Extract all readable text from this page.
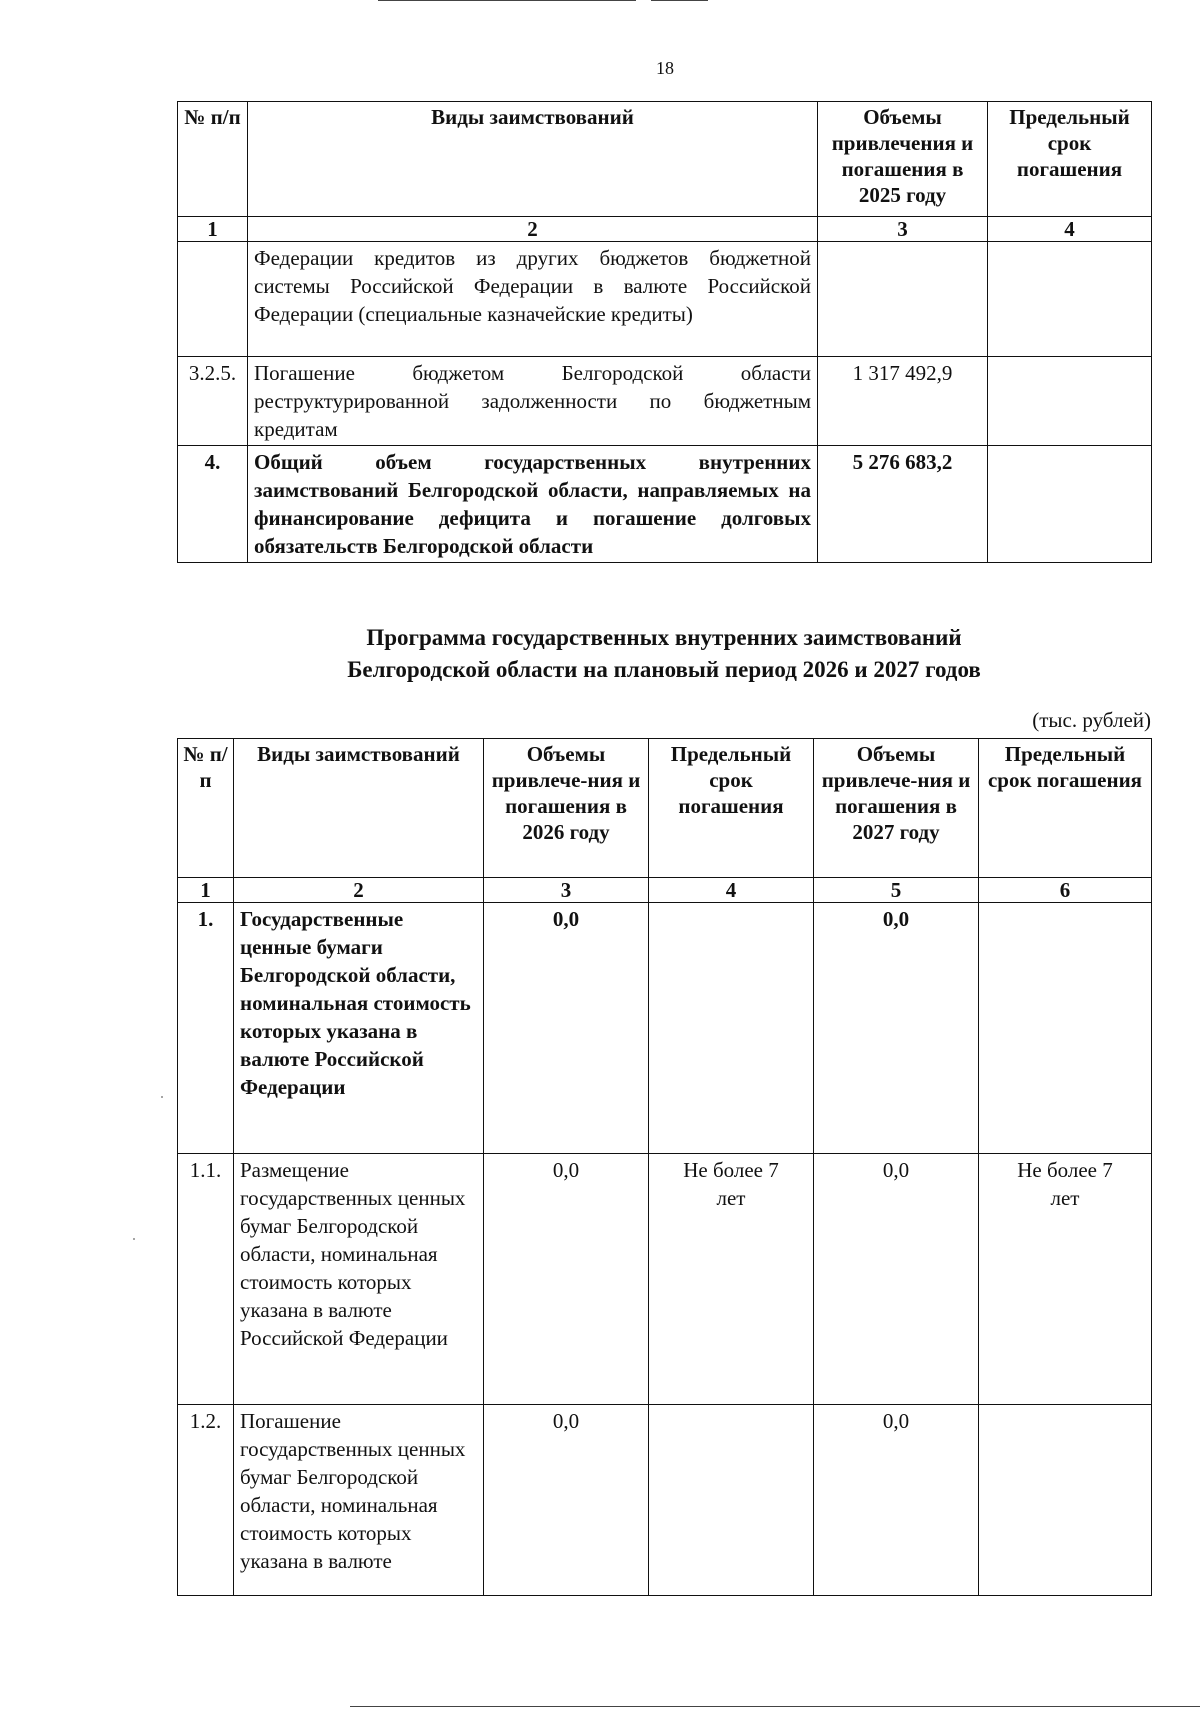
18
№ п/п	Виды заимствований	Объемы привлечения и погашения в 2025 году	Предельный срок погашения
1	2	3	4
	Федерации кредитов из других бюджетов бюджетной системы Российской Федерации в валюте Российской Федерации (специальные казначейские кредиты)		
3.2.5.	Погашение бюджетом Белгородской области реструктурированной задолженности по бюджетным кредитам	1 317 492,9	
4.	Общий объем государственных внутренних заимствований Белгородской области, направляемых на финансирование дефицита и погашение долговых обязательств Белгородской области	5 276 683,2	
Программа государственных внутренних заимствований
Белгородской области на плановый период 2026 и 2027 годов
(тыс. рублей)
№ п/п	Виды заимствований	Объемы привлече-ния и погашения в 2026 году	Предельный срок погашения	Объемы привлече-ния и погашения в 2027 году	Предельный срок погашения
1	2	3	4	5	6
1.	Государственные ценные бумаги Белгородской области, номинальная стоимость которых указана в валюте Российской Федерации	0,0		0,0	
1.1.	Размещение государственных ценных бумаг Белгородской области, номинальная стоимость которых указана в валюте Российской Федерации	0,0	Не более 7 лет	0,0	Не более 7 лет
1.2.	Погашение государственных ценных бумаг Белгородской области, номинальная стоимость которых указана в валюте	0,0		0,0	
